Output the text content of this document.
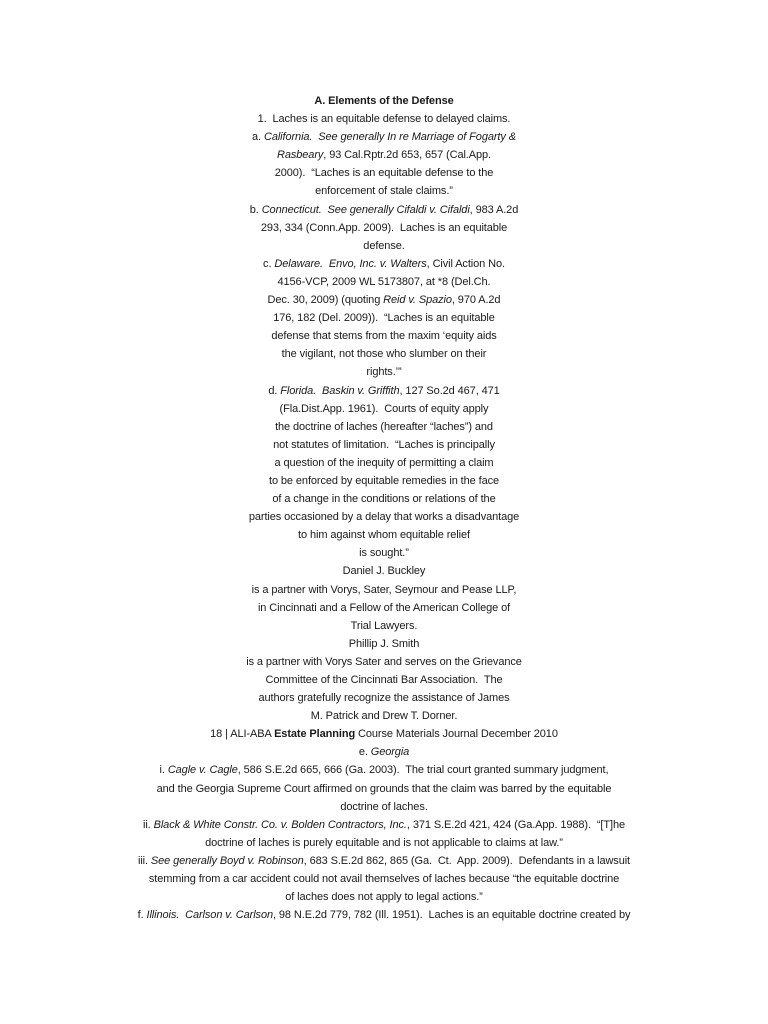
A. Elements of the Defense
1.  Laches is an equitable defense to delayed claims.
a. California.  See generally In re Marriage of Fogarty &
Rasbeary, 93 Cal.Rptr.2d 653, 657 (Cal.App.
2000).  “Laches is an equitable defense to the
enforcement of stale claims.”
b. Connecticut.  See generally Cifaldi v. Cifaldi, 983 A.2d
293, 334 (Conn.App. 2009).  Laches is an equitable
defense.
c. Delaware.  Envo, Inc. v. Walters, Civil Action No.
4156-VCP, 2009 WL 5173807, at *8 (Del.Ch.
Dec. 30, 2009) (quoting Reid v. Spazio, 970 A.2d
176, 182 (Del. 2009)).  “Laches is an equitable
defense that stems from the maxim ‘equity aids
the vigilant, not those who slumber on their
rights.’”
d. Florida.  Baskin v. Griffith, 127 So.2d 467, 471
(Fla.Dist.App. 1961).  Courts of equity apply
the doctrine of laches (hereafter “laches”) and
not statutes of limitation.  “Laches is principally
a question of the inequity of permitting a claim
to be enforced by equitable remedies in the face
of a change in the conditions or relations of the
parties occasioned by a delay that works a disadvantage
to him against whom equitable relief
is sought.”
Daniel J. Buckley
is a partner with Vorys, Sater, Seymour and Pease LLP,
in Cincinnati and a Fellow of the American College of
Trial Lawyers.
Phillip J. Smith
is a partner with Vorys Sater and serves on the Grievance
Committee of the Cincinnati Bar Association.  The
authors gratefully recognize the assistance of James
M. Patrick and Drew T. Dorner.
18 | ALI-ABA Estate Planning Course Materials Journal December 2010
e. Georgia
i. Cagle v. Cagle, 586 S.E.2d 665, 666 (Ga. 2003).  The trial court granted summary judgment,
and the Georgia Supreme Court affirmed on grounds that the claim was barred by the equitable
doctrine of laches.
ii. Black & White Constr. Co. v. Bolden Contractors, Inc., 371 S.E.2d 421, 424 (Ga.App. 1988).  “[T]he
doctrine of laches is purely equitable and is not applicable to claims at law.”
iii. See generally Boyd v. Robinson, 683 S.E.2d 862, 865 (Ga.  Ct.  App. 2009).  Defendants in a lawsuit
stemming from a car accident could not avail themselves of laches because “the equitable doctrine
of laches does not apply to legal actions.”
f. Illinois.  Carlson v. Carlson, 98 N.E.2d 779, 782 (Ill. 1951).  Laches is an equitable doctrine created by
